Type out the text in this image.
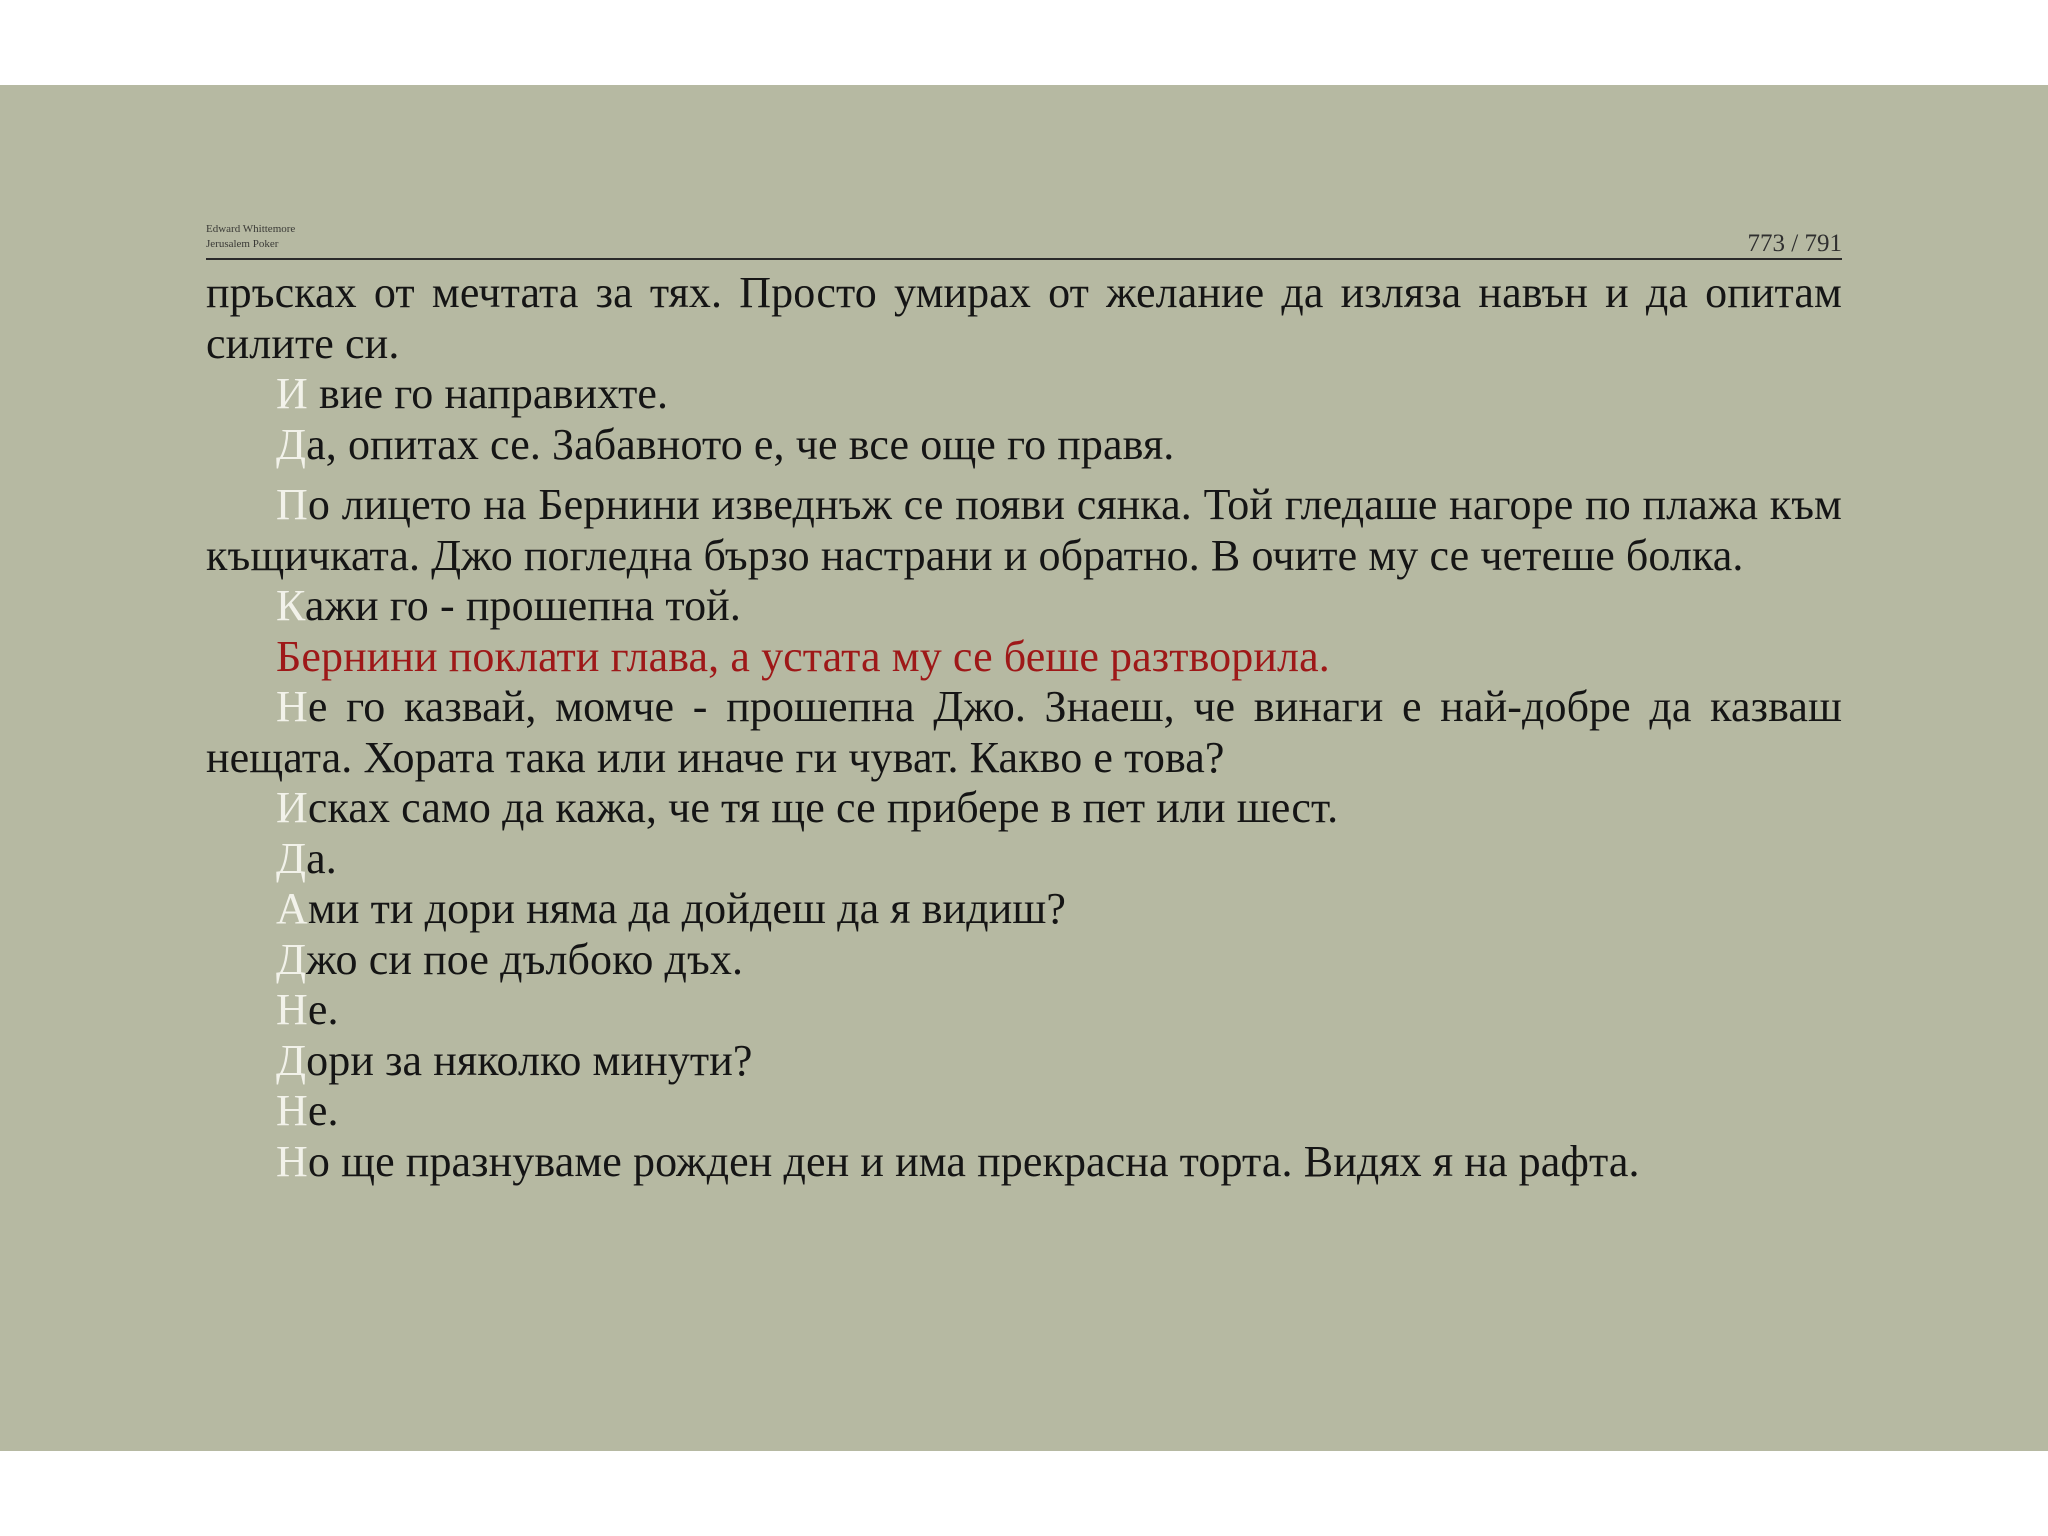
Edward Whittemore
Jerusalem Poker	773 / 791

пръсках от мечтата за тях. Просто умирах от желание да изляза навън и да опитам силите си.

И вие го направихте.

Да, опитах се. Забавното е, че все още го правя.

По лицето на Бернини изведнъж се появи сянка. Той гледаше нагоре по плажа към къщичката. Джо погледна бързо настрани и обратно. В очите му се четеше болка.

Кажи го - прошепна той.

Бернини поклати глава, а устата му се беше разтворила.

Не го казвай, момче - прошепна Джо. Знаеш, че винаги е най-добре да казваш нещата. Хората така или иначе ги чуват. Какво е това?

Исках само да кажа, че тя ще се прибере в пет или шест.

Да.

Ами ти дори няма да дойдеш да я видиш?

Джо си пое дълбоко дъх.

Не.

Дори за няколко минути?

Не.

Но ще празнуваме рожден ден и има прекрасна торта. Видях я на рафта.
